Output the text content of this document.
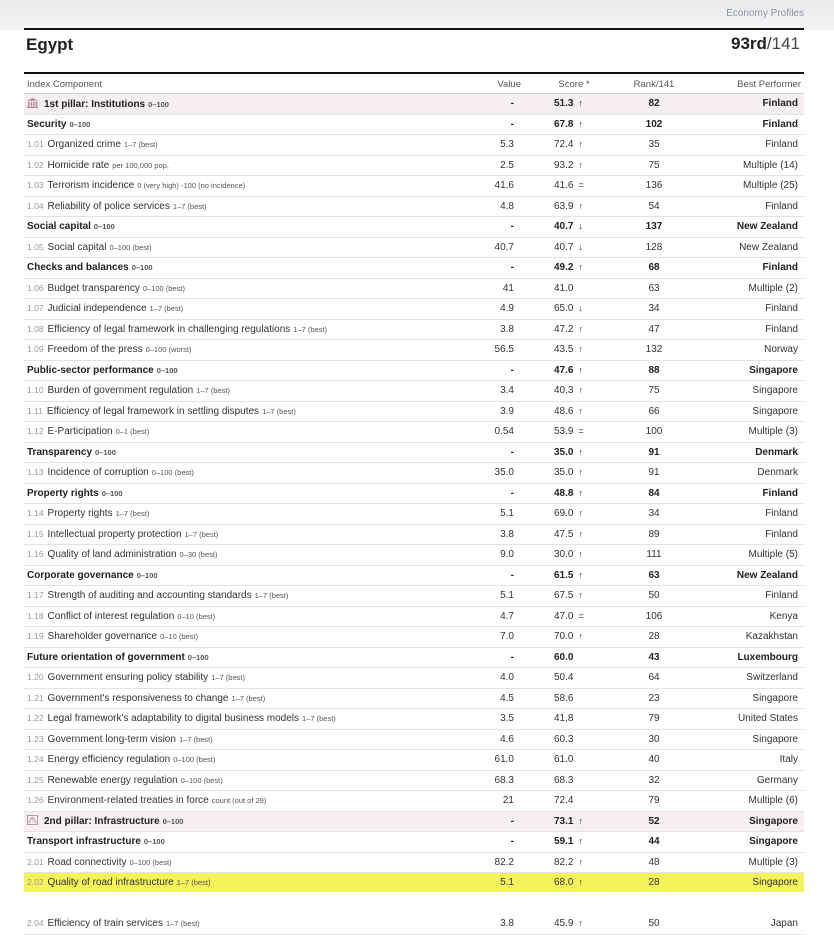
Economy Profiles
Egypt	93rd/141
Index Component	Value	Score *	Rank/141	Best Performer
1st pillar: Institutions 0–100	-	51.3 ↑	82	Finland
Security 0–100	-	67.8 ↑	102	Finland
1.01 Organized crime 1–7 (best)	5.3	72.4 ↑	35	Finland
1.02 Homicide rate per 100,000 pop.	2.5	93.2 ↑	75	Multiple (14)
1.03 Terrorism incidence 0 (very high) -100 (no incidence)	41.6	41.6 =	136	Multiple (25)
1.04 Reliability of police services 1–7 (best)	4.8	63.9 ↑	54	Finland
Social capital 0–100	-	40.7 ↓	137	New Zealand
1.05 Social capital 0–100 (best)	40.7	40.7 ↓	128	New Zealand
Checks and balances 0–100	-	49.2 ↑	68	Finland
1.06 Budget transparency 0–100 (best)	41	41.0	63	Multiple (2)
1.07 Judicial independence 1–7 (best)	4.9	65.0 ↓	34	Finland
1.08 Efficiency of legal framework in challenging regulations 1–7 (best)	3.8	47.2 ↑	47	Finland
1.09 Freedom of the press 0–100 (worst)	56.5	43.5 ↑	132	Norway
Public-sector performance 0–100	-	47.6 ↑	88	Singapore
1.10 Burden of government regulation 1–7 (best)	3.4	40.3 ↑	75	Singapore
1.11 Efficiency of legal framework in settling disputes 1–7 (best)	3.9	48.6 ↑	66	Singapore
1.12 E-Participation 0–1 (best)	0.54	53.9 =	100	Multiple (3)
Transparency 0–100	-	35.0 ↑	91	Denmark
1.13 Incidence of corruption 0–100 (best)	35.0	35.0 ↑	91	Denmark
Property rights 0–100	-	48.8 ↑	84	Finland
1.14 Property rights 1–7 (best)	5.1	69.0 ↑	34	Finland
1.15 Intellectual property protection 1–7 (best)	3.8	47.5 ↑	89	Finland
1.16 Quality of land administration 0–30 (best)	9.0	30.0 ↑	111	Multiple (5)
Corporate governance 0–100	-	61.5 ↑	63	New Zealand
1.17 Strength of auditing and accounting standards 1–7 (best)	5.1	67.5 ↑	50	Finland
1.18 Conflict of interest regulation 0–10 (best)	4.7	47.0 =	106	Kenya
1.19 Shareholder governance 0–10 (best)	7.0	70.0 ↑	28	Kazakhstan
Future orientation of government 0–100	-	60.0	43	Luxembourg
1.20 Government ensuring policy stability 1–7 (best)	4.0	50.4	64	Switzerland
1.21 Government's responsiveness to change 1–7 (best)	4.5	58.6	23	Singapore
1.22 Legal framework's adaptability to digital business models 1–7 (best)	3.5	41.8	79	United States
1.23 Government long-term vision 1–7 (best)	4.6	60.3	30	Singapore
1.24 Energy efficiency regulation 0–100 (best)	61.0	61.0	40	Italy
1.25 Renewable energy regulation 0–100 (best)	68.3	68.3	32	Germany
1.26 Environment-related treaties in force count (out of 29)	21	72.4	79	Multiple (6)
2nd pillar: Infrastructure 0–100	-	73.1 ↑	52	Singapore
Transport infrastructure 0–100	-	59.1 ↑	44	Singapore
2.01 Road connectivity 0–100 (best)	82.2	82.2 ↑	48	Multiple (3)
2.02 Quality of road infrastructure 1–7 (best)	5.1	68.0 ↑	28	Singapore

2.04 Efficiency of train services 1–7 (best)	3.8	45.9 ↑	50	Japan
